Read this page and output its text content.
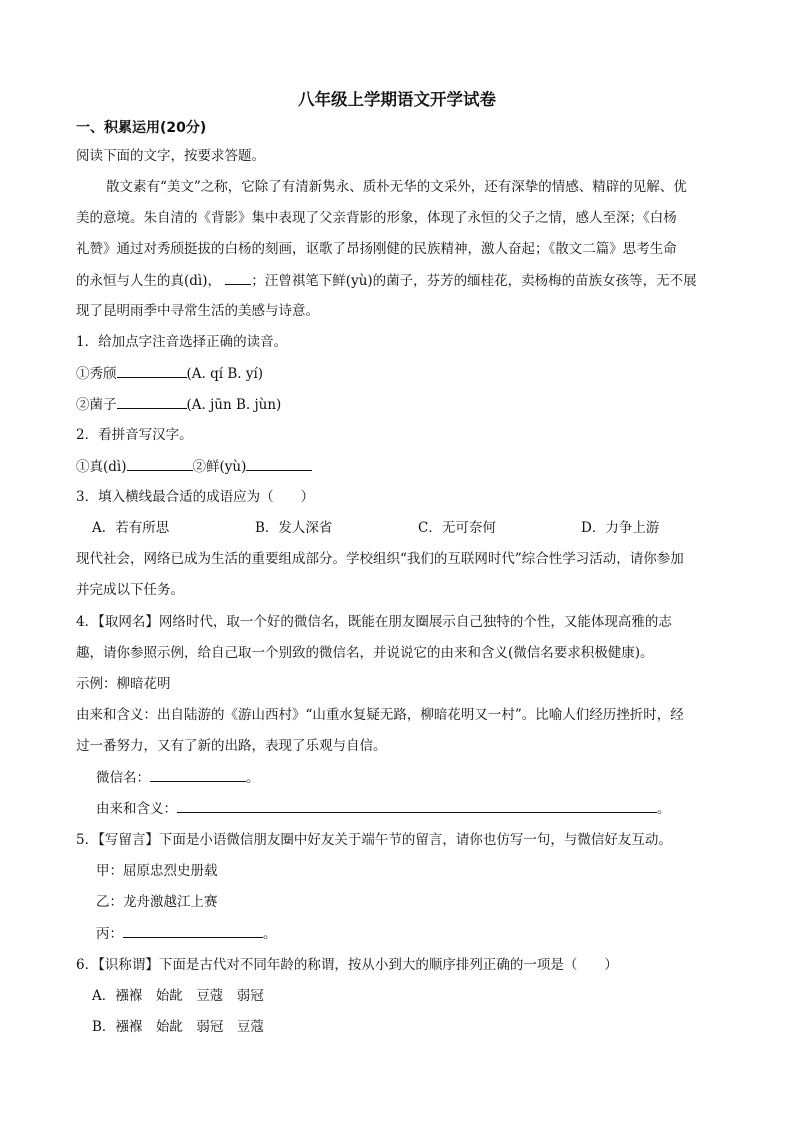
八年级上学期语文开学试卷
一、积累运用(20分)
阅读下面的文字，按要求答题。
散文素有“美文”之称，它除了有清新隽永、质朴无华的文采外，还有深挚的情感、精辟的见解、优
美的意境。朱自清的《背影》集中表现了父亲背影的形象，体现了永恒的父子之情，感人至深；《白杨
礼赞》通过对秀颀挺拔的白杨的刻画，讴歌了昂扬刚健的民族精神，激人奋起；《散文二篇》思考生命
的永恒与人生的真(dì)， ；汪曾祺笔下鲜(yù)的菌子，芬芳的缅桂花，卖杨梅的苗族女孩等，无不展
现了昆明雨季中寻常生活的美感与诗意。
1．给加点字注音选择正确的读音。
①秀颀	(A. qí B. yí)
②菌子	(A. jūn B. jùn)
2．看拼音写汉字。
①真(dì)	②鲜(yù)
3．填入横线最合适的成语应为（　　）
A．若有所思	B．发人深省	C．无可奈何	D．力争上游
现代社会，网络已成为生活的重要组成部分。学校组织“我们的互联网时代”综合性学习活动，请你参加
并完成以下任务。
4．【取网名】网络时代，取一个好的微信名，既能在朋友圈展示自己独特的个性，又能体现高雅的志
趣，请你参照示例，给自己取一个别致的微信名，并说说它的由来和含义(微信名要求积极健康)。
示例：柳暗花明
由来和含义：出自陆游的《游山西村》“山重水复疑无路，柳暗花明又一村”。比喻人们经历挫折时，经
过一番努力，又有了新的出路，表现了乐观与自信。
微信名：	。
由来和含义：	。
5．【写留言】下面是小语微信朋友圈中好友关于端午节的留言，请你也仿写一句，与微信好友互动。
甲：屈原忠烈史册载
乙：龙舟激越江上赛
丙：	。
6．【识称谓】下面是古代对不同年龄的称谓，按从小到大的顺序排列正确的一项是（　　）
A．襁褓　始龀　豆蔻　弱冠
B．襁褓　始龀　弱冠　豆蔻
